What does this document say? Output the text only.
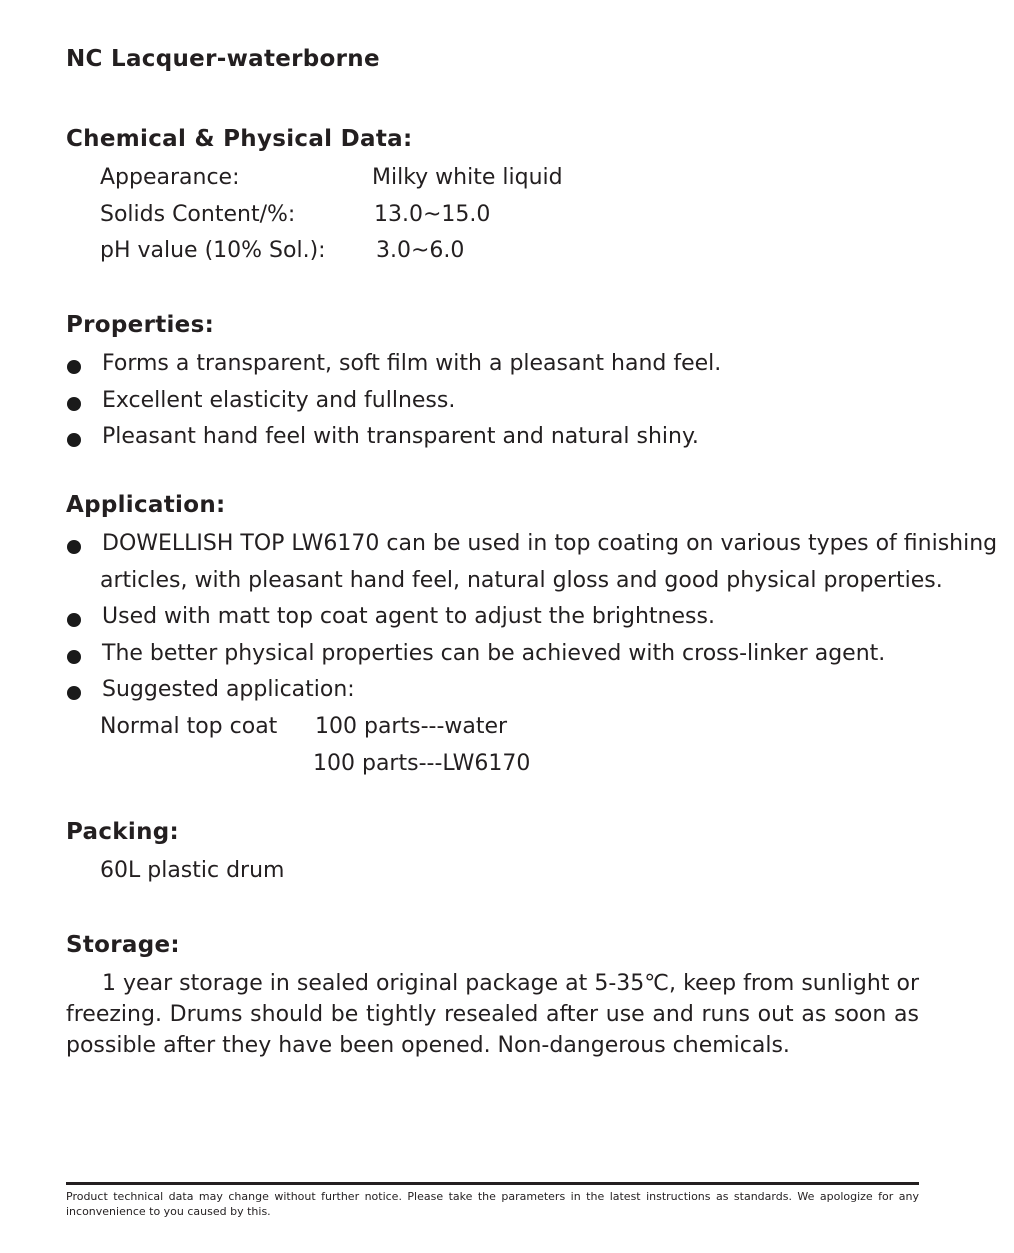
NC Lacquer-waterborne
Chemical & Physical Data:
Appearance:	Milky white liquid
Solids Content/%:	13.0~15.0
pH value (10% Sol.): 3.0~6.0
Properties:
Forms a transparent, soft film with a pleasant hand feel.
Excellent elasticity and fullness.
Pleasant hand feel with transparent and natural shiny.
Application:
DOWELLISH TOP LW6170 can be used in top coating on various types of finishing
articles, with pleasant hand feel, natural gloss and good physical properties.
Used with matt top coat agent to adjust the brightness.
The better physical properties can be achieved with cross-linker agent.
Suggested application:
Normal top coat 100 parts---water
100 parts---LW6170
Packing:
60L plastic drum
Storage:
1 year storage in sealed original package at 5-35℃, keep from sunlight or freezing. Drums should be tightly resealed after use and runs out as soon as possible after they have been opened. Non-dangerous chemicals.
Product technical data may change without further notice. Please take the parameters in the latest instructions as standards. We apologize for any inconvenience to you caused by this.
